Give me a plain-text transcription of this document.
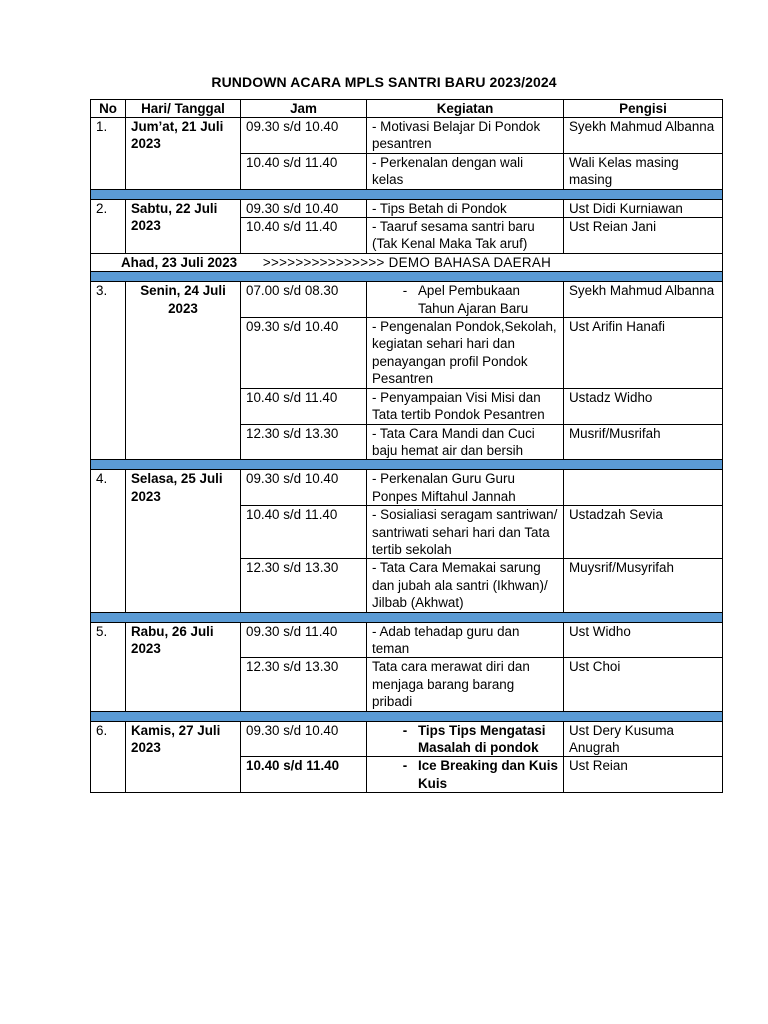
RUNDOWN ACARA MPLS SANTRI BARU 2023/2024
No	Hari/ Tanggal	Jam	Kegiatan	Pengisi
1.	Jum’at, 21 Juli 2023	09.30 s/d 10.40	- Motivasi Belajar Di Pondok pesantren	Syekh Mahmud Albanna
		10.40 s/d 11.40	- Perkenalan dengan wali kelas	Wali Kelas masing masing

2.	Sabtu, 22 Juli 2023	09.30 s/d 10.40	- Tips Betah di Pondok	Ust Didi Kurniawan
		10.40 s/d 11.40	- Taaruf sesama santri baru (Tak Kenal Maka Tak aruf)	Ust Reian Jani
Ahad, 23 Juli 2023 >>>>>>>>>>>>>>> DEMO BAHASA DAERAH				

3.	Senin, 24 Juli 2023	07.00 s/d 08.30	- Apel Pembukaan Tahun Ajaran Baru	Syekh Mahmud Albanna
		09.30 s/d 10.40	- Pengenalan Pondok,Sekolah, kegiatan sehari hari dan penayangan profil Pondok Pesantren	Ust Arifin Hanafi
		10.40 s/d 11.40	- Penyampaian Visi Misi dan Tata tertib Pondok Pesantren	Ustadz Widho
		12.30 s/d 13.30	- Tata Cara Mandi dan Cuci baju hemat air dan bersih	Musrif/Musrifah

4.	Selasa, 25 Juli 2023	09.30 s/d 10.40	- Perkenalan Guru Guru Ponpes Miftahul Jannah	
		10.40 s/d 11.40	- Sosialiasi seragam santriwan/ santriwati sehari hari dan Tata tertib sekolah	Ustadzah Sevia
		12.30 s/d 13.30	- Tata Cara Memakai sarung dan jubah ala santri (Ikhwan)/ Jilbab (Akhwat)	Muysrif/Musyrifah

5.	Rabu, 26 Juli 2023	09.30 s/d 11.40	- Adab tehadap guru dan teman	Ust Widho
		12.30 s/d 13.30	Tata cara merawat diri dan menjaga barang barang pribadi	Ust Choi

6.	Kamis, 27 Juli 2023	09.30 s/d 10.40	- Tips Tips Mengatasi Masalah di pondok	Ust Dery Kusuma Anugrah
		10.40 s/d 11.40	- Ice Breaking dan Kuis Kuis	Ust Reian
